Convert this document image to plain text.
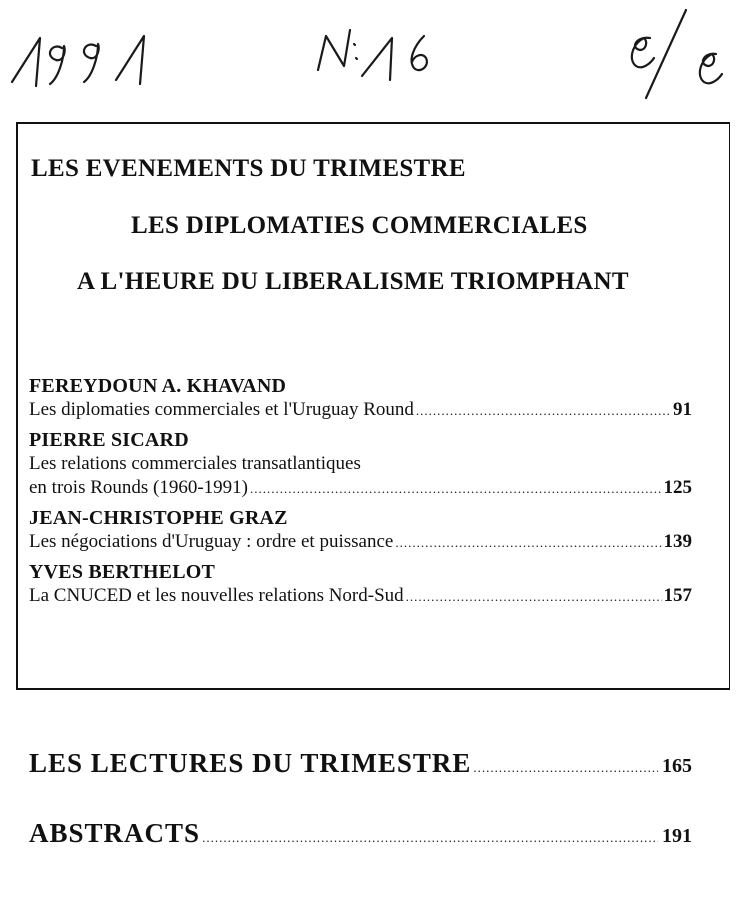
LES EVENEMENTS DU TRIMESTRE
LES DIPLOMATIES COMMERCIALES
A L'HEURE DU LIBERALISME TRIOMPHANT
FEREYDOUN A. KHAVAND
Les diplomaties commerciales et l'Uruguay Round .....	91
PIERRE SICARD
Les relations commerciales transatlantiques
en trois Rounds (1960-1991) .....	125
JEAN-CHRISTOPHE GRAZ
Les négociations d'Uruguay : ordre et puissance .....	139
YVES BERTHELOT
La CNUCED et les nouvelles relations Nord-Sud .....	157
LES LECTURES DU TRIMESTRE .....	165
ABSTRACTS .....	191
